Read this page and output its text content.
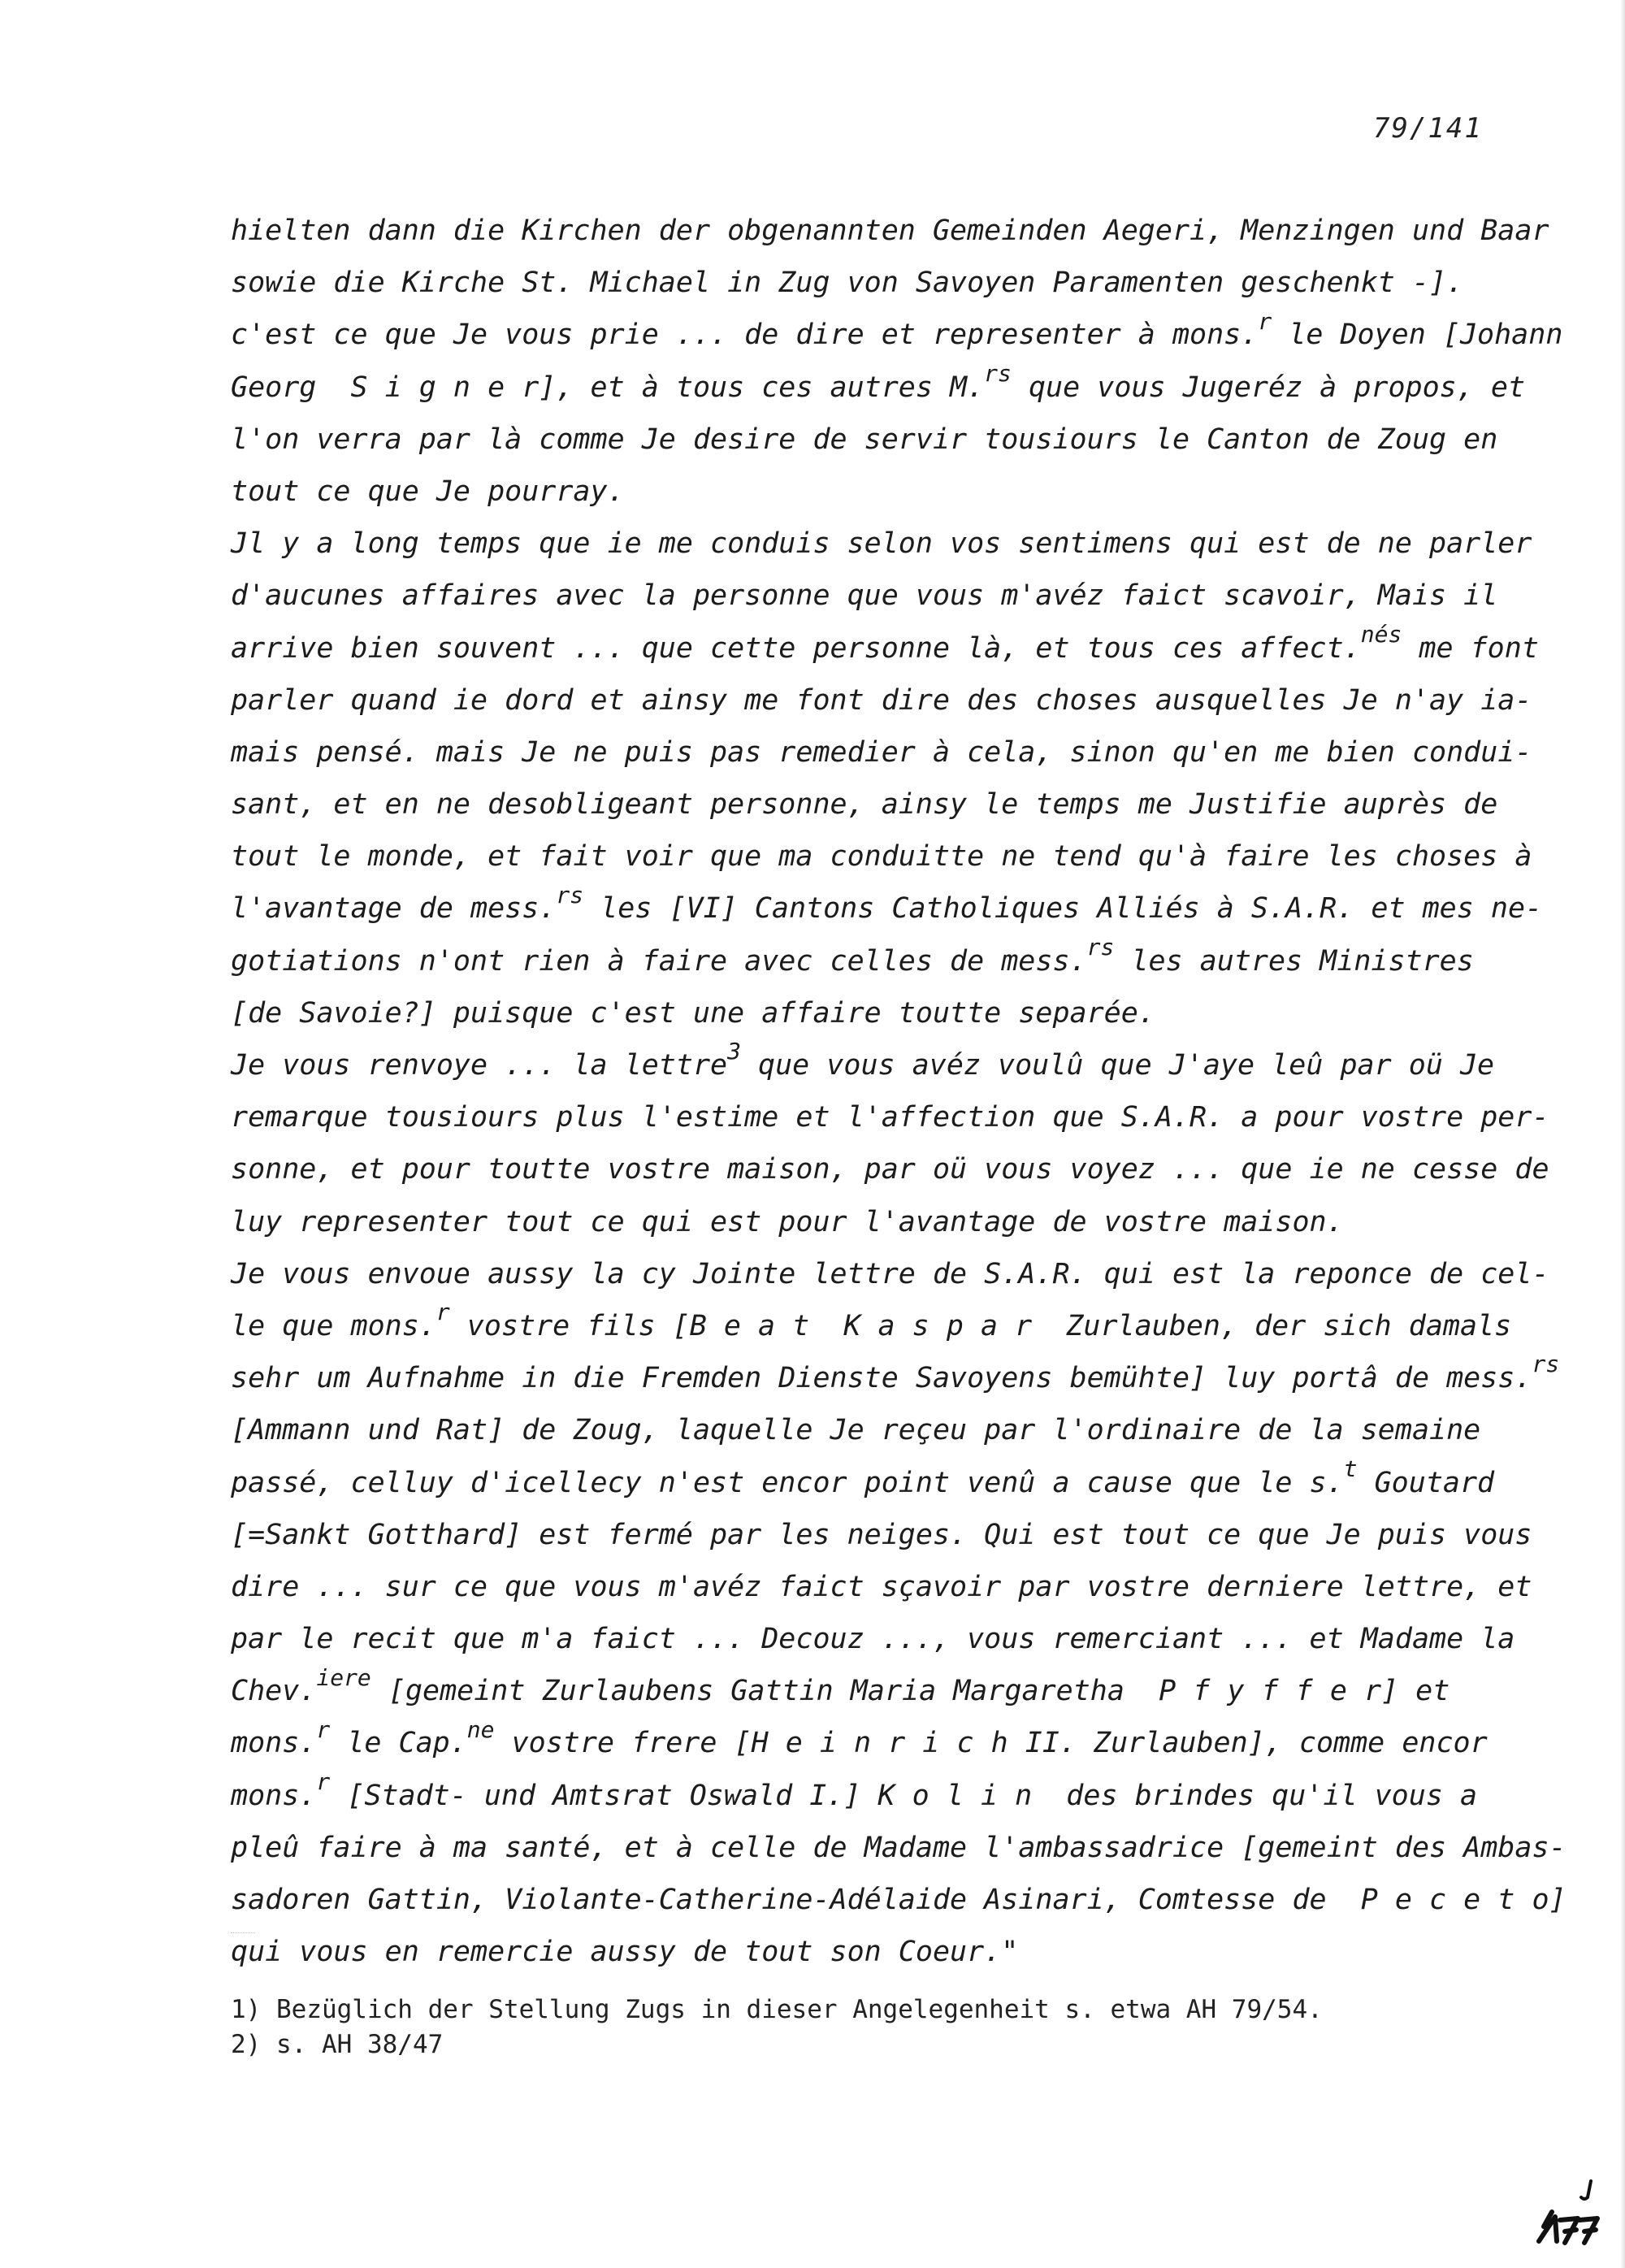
79/141
hielten dann die Kirchen der obgenannten Gemeinden Aegeri, Menzingen und Baar
sowie die Kirche St. Michael in Zug von Savoyen Paramenten geschenkt -].
c'est ce que Je vous prie ... de dire et representer à mons.$^r$ le Doyen [Johann
Georg  S i g n e r], et à tous ces autres M.$^{rs}$ que vous Jugeréz à propos, et
l'on verra par là comme Je desire de servir tousiours le Canton de Zoug en
tout ce que Je pourray.
Jl y a long temps que ie me conduis selon vos sentimens qui est de ne parler
d'aucunes affaires avec la personne que vous m'avéz faict scavoir, Mais il
arrive bien souvent ... que cette personne là, et tous ces affect.$^{nés}$ me font
parler quand ie dord et ainsy me font dire des choses ausquelles Je n'ay ia-
mais pensé. mais Je ne puis pas remedier à cela, sinon qu'en me bien condui-
sant, et en ne desobligeant personne, ainsy le temps me Justifie auprès de
tout le monde, et fait voir que ma conduitte ne tend qu'à faire les choses à
l'avantage de mess.$^{rs}$ les [VI] Cantons Catholiques Alliés à S.A.R. et mes ne-
gotiations n'ont rien à faire avec celles de mess.$^{rs}$ les autres Ministres
[de Savoie?] puisque c'est une affaire toutte separée.
Je vous renvoye ... la lettre$^3$ que vous avéz voulû que J'aye leû par oü Je
remarque tousiours plus l'estime et l'affection que S.A.R. a pour vostre per-
sonne, et pour toutte vostre maison, par oü vous voyez ... que ie ne cesse de
luy representer tout ce qui est pour l'avantage de vostre maison.
Je vous envoue aussy la cy Jointe lettre de S.A.R. qui est la reponce de cel-
le que mons.$^r$ vostre fils [B e a t  K a s p a r  Zurlauben, der sich damals
sehr um Aufnahme in die Fremden Dienste Savoyens bemühte] luy portâ de mess.$^{rs}$
[Ammann und Rat] de Zoug, laquelle Je reçeu par l'ordinaire de la semaine
passé, celluy d'icellecy n'est encor point venû a cause que le s.$^t$ Goutard
[=Sankt Gotthard] est fermé par les neiges. Qui est tout ce que Je puis vous
dire ... sur ce que vous m'avéz faict sçavoir par vostre derniere lettre, et
par le recit que m'a faict ... Decouz ..., vous remerciant ... et Madame la
Chev.$^{iere}$ [gemeint Zurlaubens Gattin Maria Margaretha  P f y f f e r] et
mons.$^r$ le Cap.$^{ne}$ vostre frere [H e i n r i c h II. Zurlauben], comme encor
mons.$^r$ [Stadt- und Amtsrat Oswald I.] K o l i n  des brindes qu'il vous a
pleû faire à ma santé, et à celle de Madame l'ambassadrice [gemeint des Ambas-
sadoren Gattin, Violante-Catherine-Adélaide Asinari, Comtesse de  P e c e t o]
qui vous en remercie aussy de tout son Coeur."
1) Bezüglich der Stellung Zugs in dieser Angelegenheit s. etwa AH 79/54.
2) s. AH 38/47
